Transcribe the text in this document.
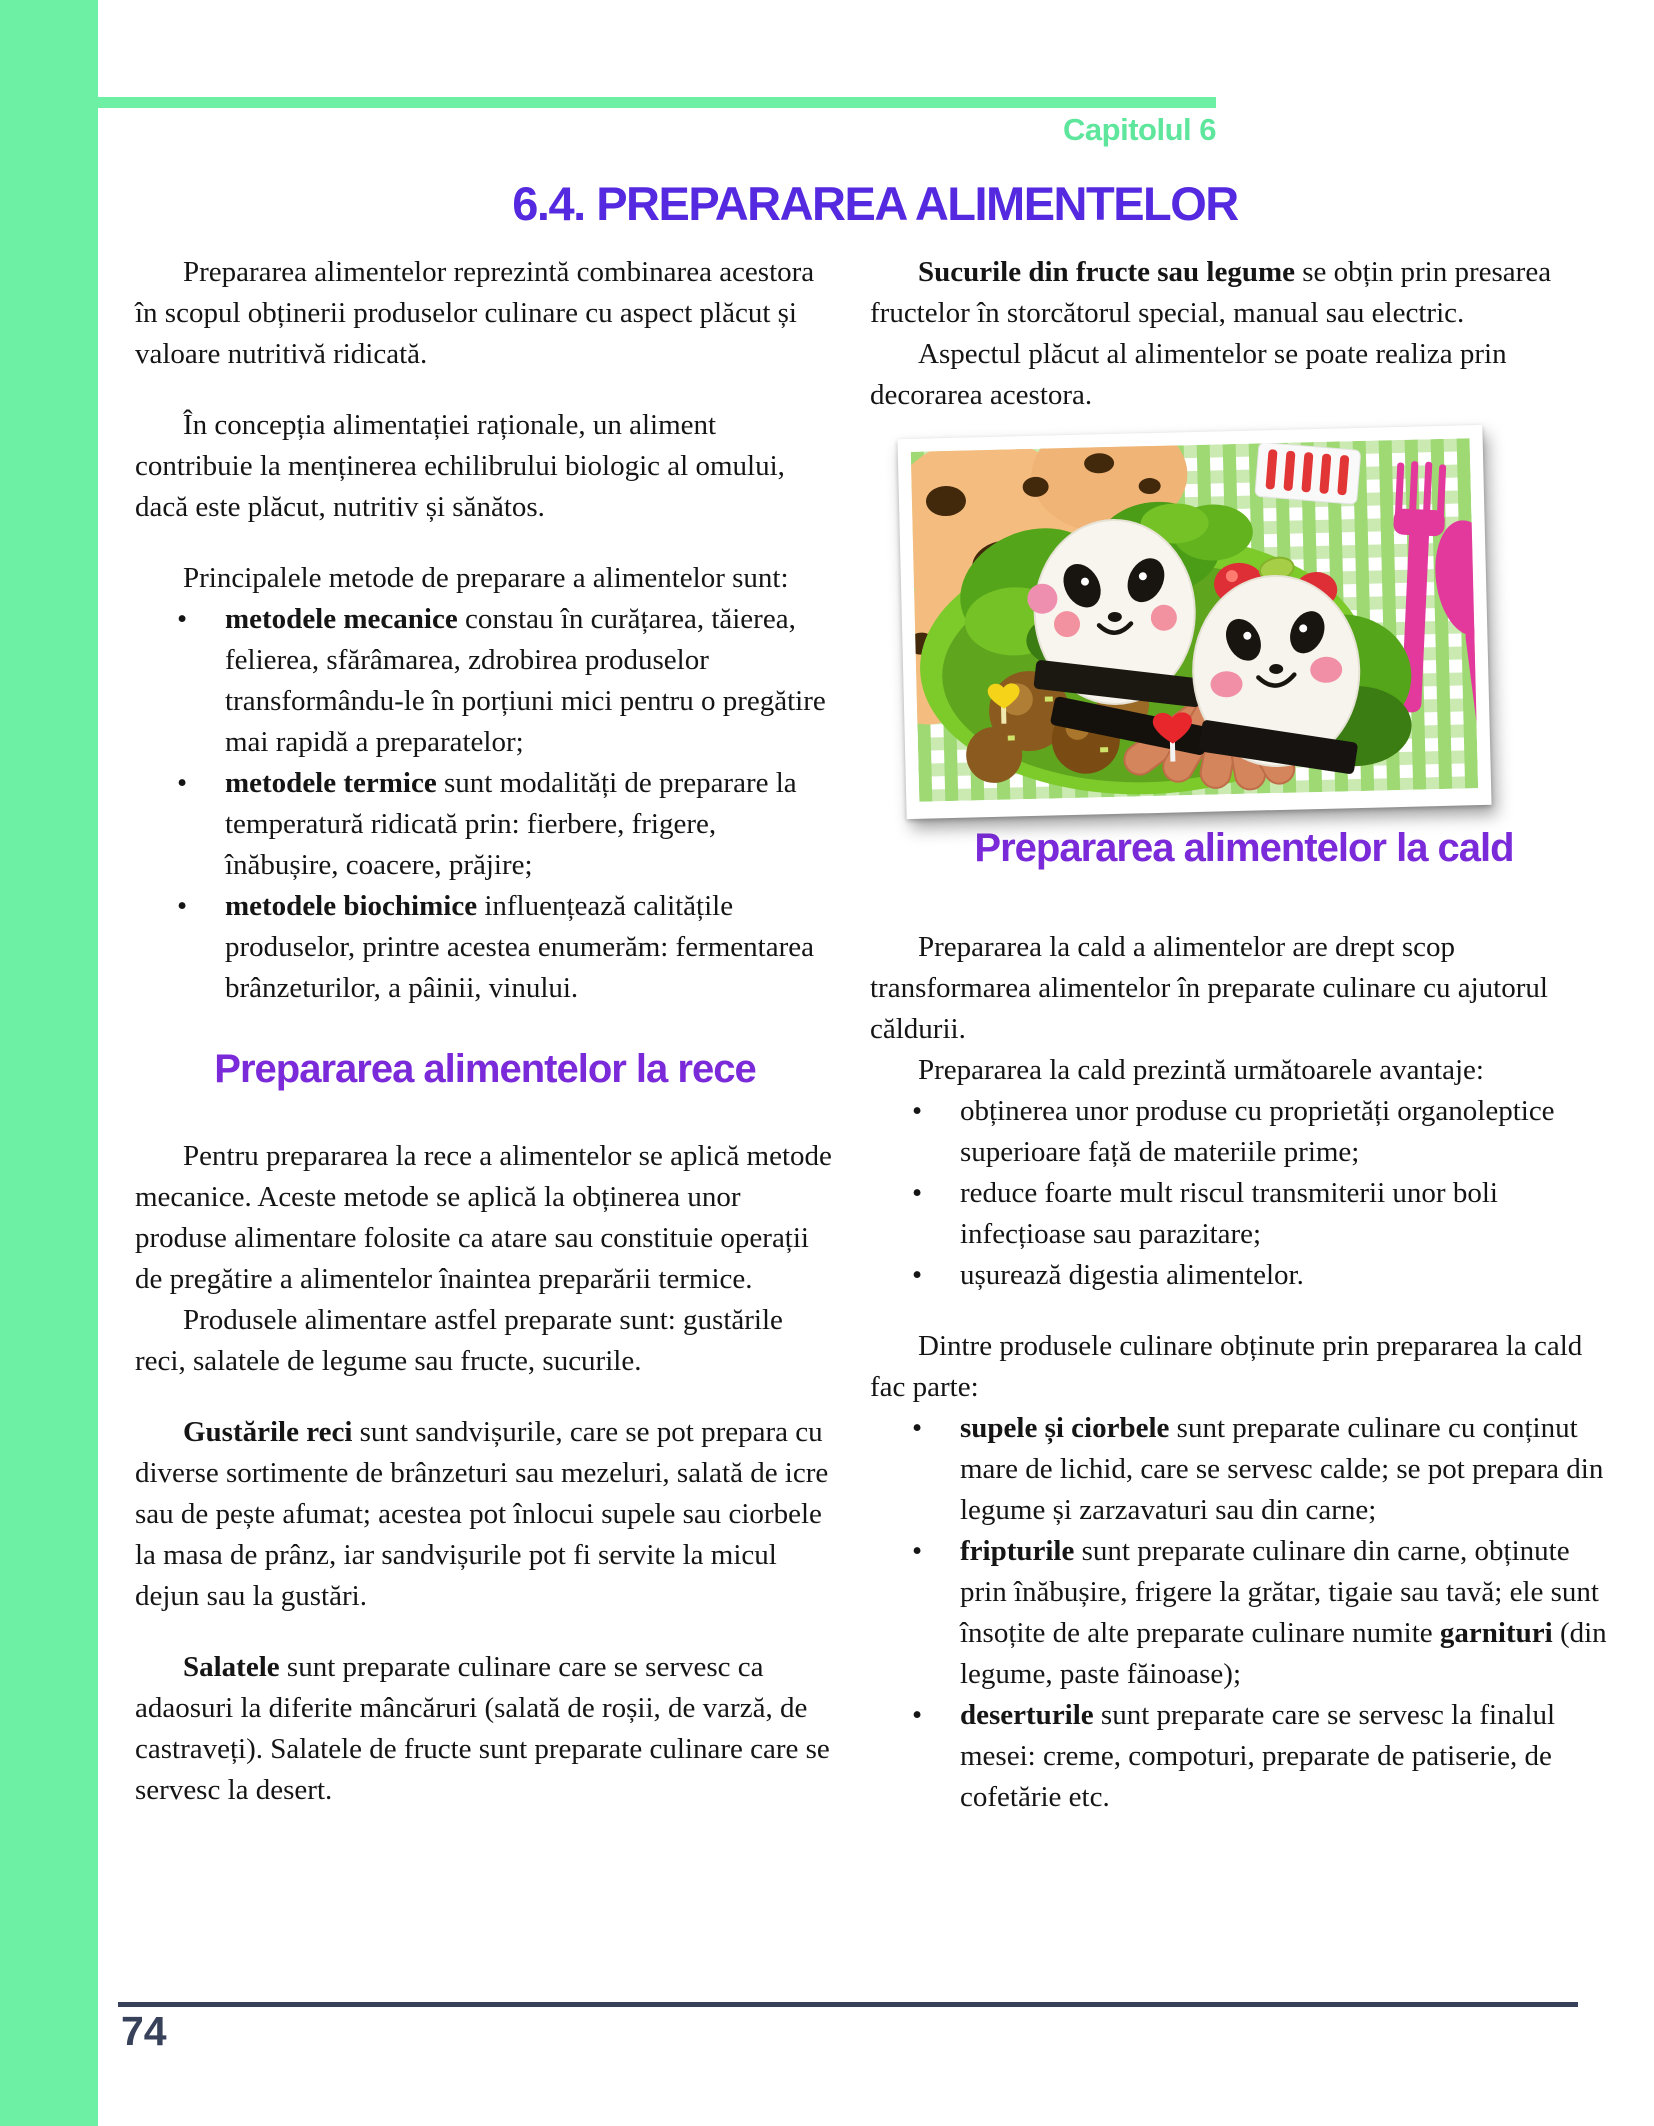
Capitolul 6
6.4. PREPARAREA ALIMENTELOR

Prepararea alimentelor reprezintă combinarea acestora în scopul obținerii produselor culinare cu aspect plăcut și valoare nutritivă ridicată.

În concepția alimentației raționale, un aliment contribuie la menținerea echilibrului biologic al omului, dacă este plăcut, nutritiv și sănătos.

Principalele metode de preparare a alimentelor sunt:

• metodele mecanice constau în curățarea, tăierea, felierea, sfărâmarea, zdrobirea produselor transformându-le în porțiuni mici pentru o pregătire mai rapidă a preparatelor;
• metodele termice sunt modalități de preparare la temperatură ridicată prin: fierbere, frigere, înăbușire, coacere, prăjire;
• metodele biochimice influențează calitățile produselor, printre acestea enumerăm: fermentarea brânzeturilor, a pâinii, vinului.
Prepararea alimentelor la rece

Pentru prepararea la rece a alimentelor se aplică metode mecanice. Aceste metode se aplică la obținerea unor produse alimentare folosite ca atare sau constituie operații de pregătire a alimentelor înaintea preparării termice.

Produsele alimentare astfel preparate sunt: gustările reci, salatele de legume sau fructe, sucurile.

Gustările reci sunt sandvișurile, care se pot prepara cu diverse sortimente de brânzeturi sau mezeluri, salată de icre sau de pește afumat; acestea pot înlocui supele sau ciorbele la masa de prânz, iar sandvișurile pot fi servite la micul dejun sau la gustări.

Salatele sunt preparate culinare care se servesc ca adaosuri la diferite mâncăruri (salată de roșii, de varză, de castraveți). Salatele de fructe sunt preparate culinare care se servesc la desert.

Sucurile din fructe sau legume se obțin prin presarea fructelor în storcătorul special, manual sau electric.

Aspectul plăcut al alimentelor se poate realiza prin decorarea acestora.

Prepararea alimentelor la cald

Prepararea la cald a alimentelor are drept scop transformarea alimentelor în preparate culinare cu ajutorul căldurii.

Prepararea la cald prezintă următoarele avantaje:

• obținerea unor produse cu proprietăți organoleptice superioare față de materiile prime;
• reduce foarte mult riscul transmiterii unor boli infecțioase sau parazitare;
• ușurează digestia alimentelor.

Dintre produsele culinare obținute prin prepararea la cald fac parte:

• supele și ciorbele sunt preparate culinare cu conținut mare de lichid, care se servesc calde; se pot prepara din legume și zarzavaturi sau din carne;
• fripturile sunt preparate culinare din carne, obținute prin înăbușire, frigere la grătar, tigaie sau tavă; ele sunt însoțite de alte preparate culinare numite garnituri (din legume, paste făinoase);
• deserturile sunt preparate care se servesc la finalul mesei: creme, compoturi, preparate de patiserie, de cofetărie etc.
74
